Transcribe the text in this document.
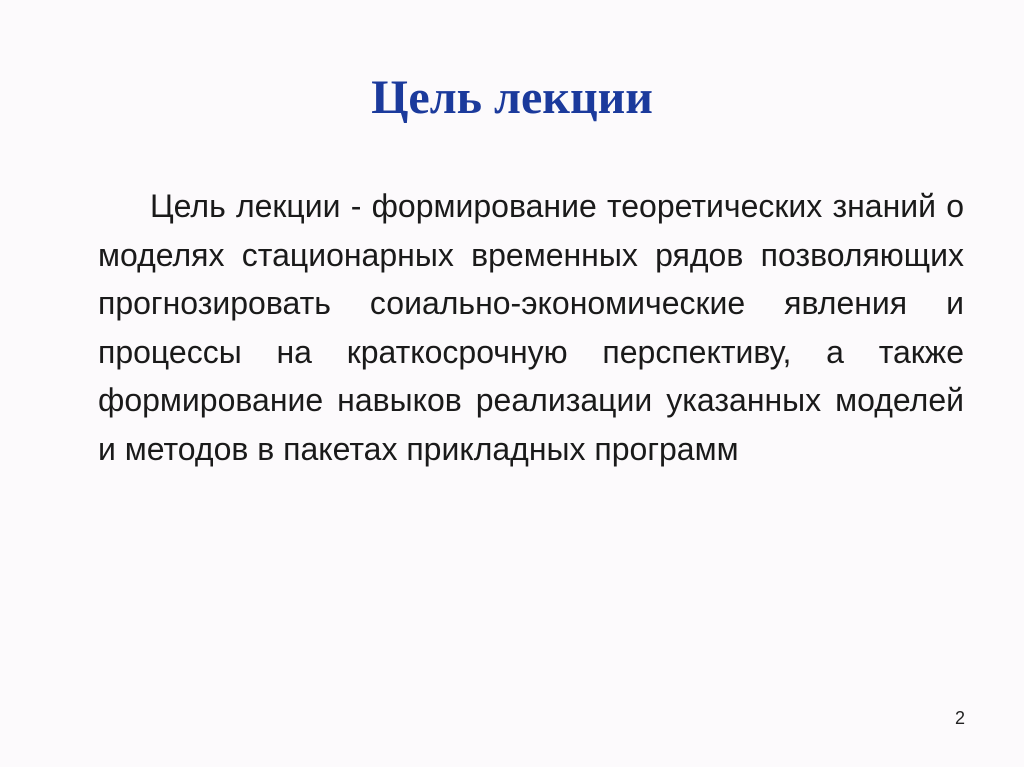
Цель лекции

Цель лекции - формирование теоретических знаний о моделях стационарных временных рядов позволяющих прогнозировать соиально-экономические явления и процессы на краткосрочную перспективу, а также формирование навыков реализации указанных моделей и методов в пакетах прикладных программ

2
